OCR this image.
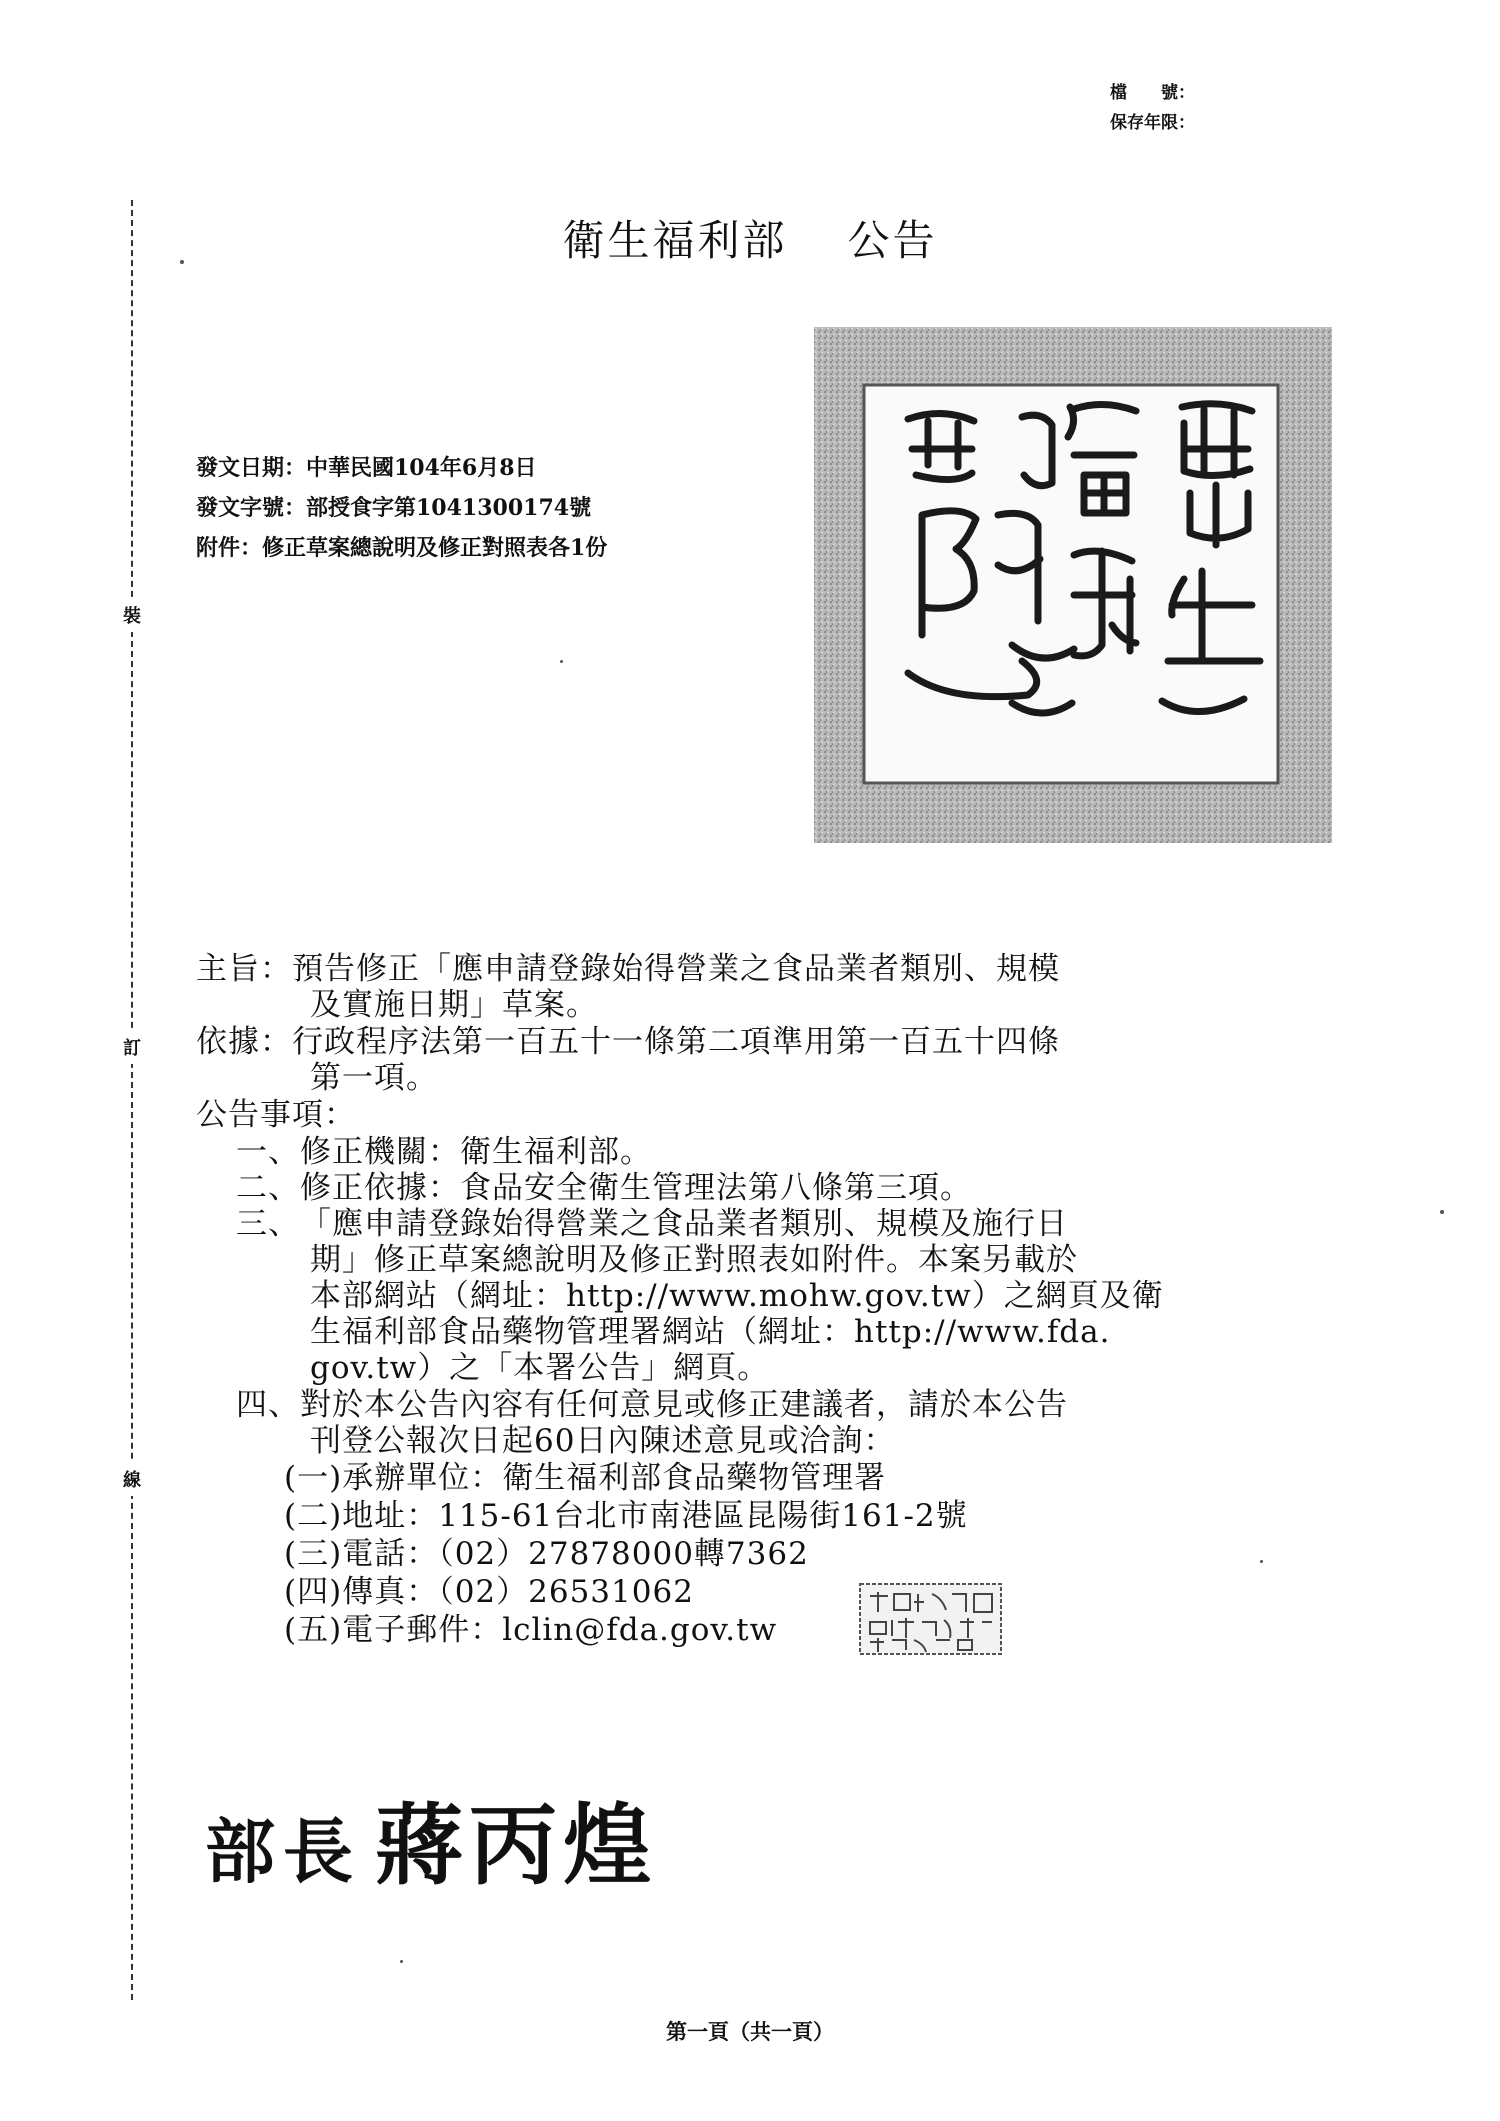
檔　　號：
保存年限：
裝
訂
線
衛生福利部 公告
發文日期：中華民國104年6月8日
發文字號：部授食字第1041300174號
附件：修正草案總說明及修正對照表各1份
主旨：預告修正「應申請登錄始得營業之食品業者類別、規模
及實施日期」草案。
依據：行政程序法第一百五十一條第二項準用第一百五十四條
第一項。
公告事項：
一、修正機關：衛生福利部。
二、修正依據：食品安全衛生管理法第八條第三項。
三、「應申請登錄始得營業之食品業者類別、規模及施行日
期」修正草案總說明及修正對照表如附件。本案另載於
本部網站（網址：http://www.mohw.gov.tw）之網頁及衛
生福利部食品藥物管理署網站（網址：http://www.fda.
gov.tw）之「本署公告」網頁。
四、對於本公告內容有任何意見或修正建議者，請於本公告
刊登公報次日起60日內陳述意見或洽詢：
(一)承辦單位：衛生福利部食品藥物管理署
(二)地址：115-61台北市南港區昆陽街161-2號
(三)電話：（02）27878000轉7362
(四)傳真：（02）26531062
(五)電子郵件：lclin@fda.gov.tw
部長 蔣丙煌
第一頁（共一頁）
